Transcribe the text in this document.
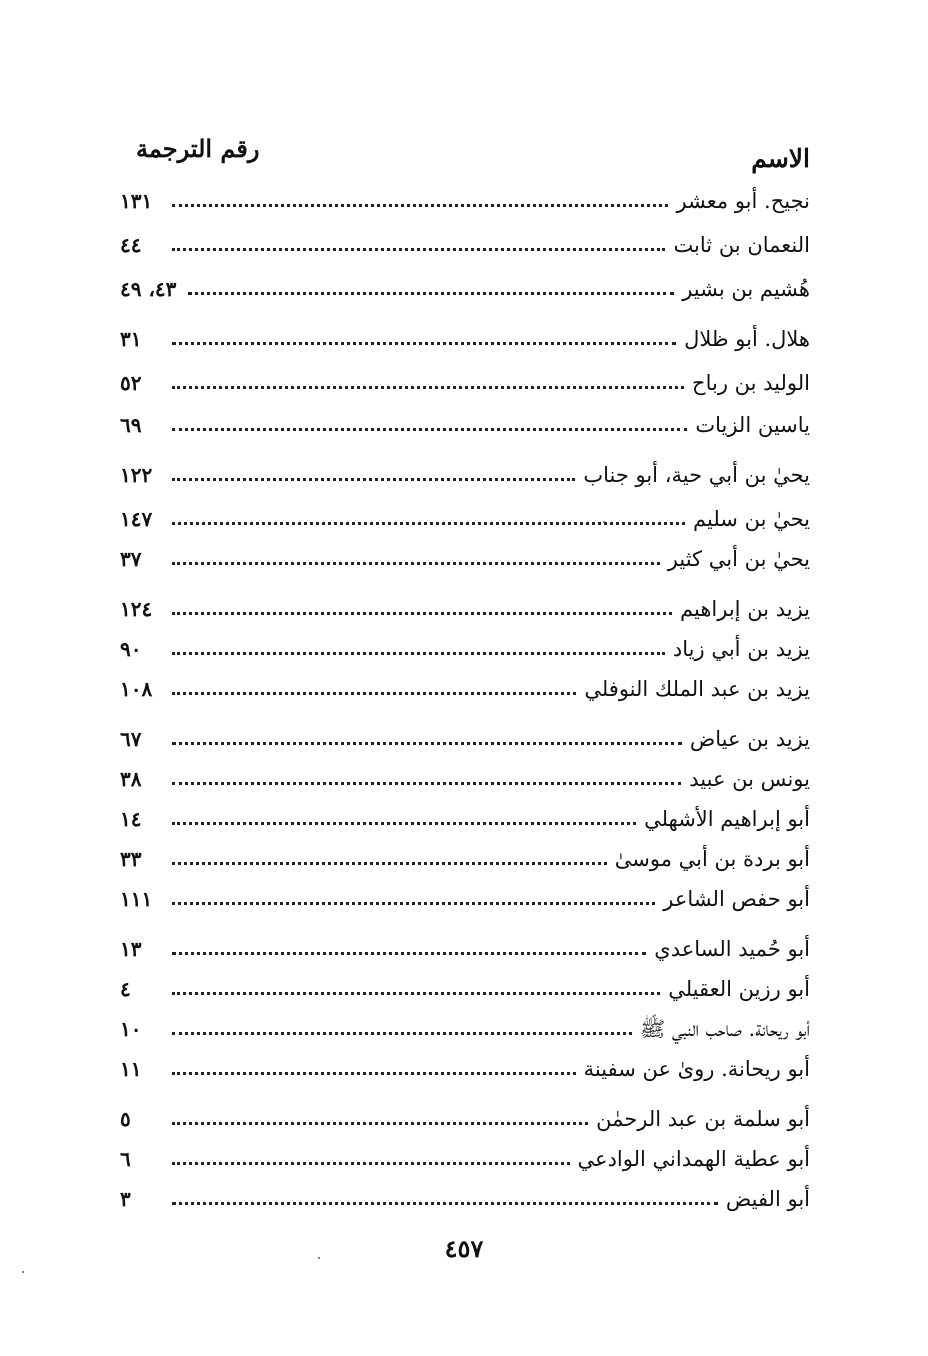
الاسم
رقم الترجمة
نجيح. أبو معشر
١٣١
النعمان بن ثابت
٤٤
هُشيم بن بشير
٤٣، ٤٩
هلال. أبو ظلال
٣١
الوليد بن رباح
٥٢
ياسين الزيات
٦٩
يحيٰ بن أبي حية، أبو جناب
١٢٢
يحيٰ بن سليم
١٤٧
يحيٰ بن أبي كثير
٣٧
يزيد بن إبراهيم
١٢٤
يزيد بن أبي زياد
٩٠
يزيد بن عبد الملك النوفلي
١٠٨
يزيد بن عياض
٦٧
يونس بن عبيد
٣٨
أبو إبراهيم الأشهلي
١٤
أبو بردة بن أبي موسىٰ
٣٣
أبو حفص الشاعر
١١١
أبو حُميد الساعدي
١٣
أبو رزين العقيلي
٤
أبو ريحانة. صاحب النبي ﷺ
١٠
أبو ريحانة. روىٰ عن سفينة
١١
أبو سلمة بن عبد الرحمٰن
٥
أبو عطية الهمداني الوادعي
٦
أبو الفيض
٣
٤٥٧
